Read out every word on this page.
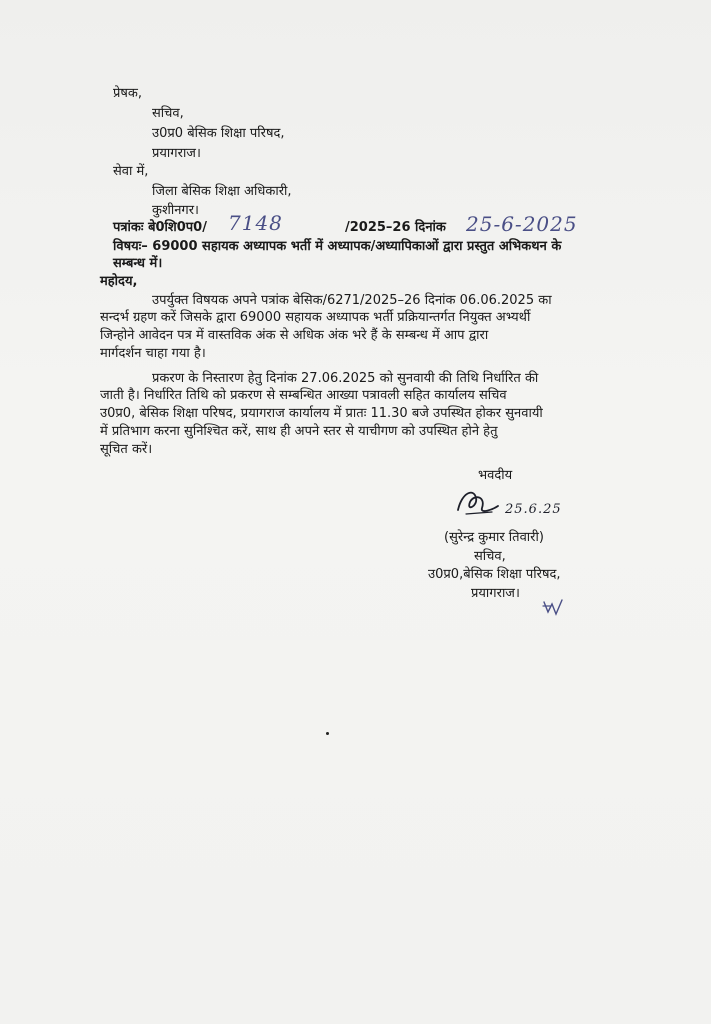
प्रेषक,
सचिव,
उ0प्र0 बेसिक शिक्षा परिषद,
प्रयागराज।
सेवा में,
जिला बेसिक शिक्षा अधिकारी,
कुशीनगर।
पत्रांकः बे0शि0प0/ 7148	/2025–26 दिनांक 25-6-2025
विषयः– 69000 सहायक अध्यापक भर्ती में अध्यापक/अध्यापिकाओं द्वारा प्रस्तुत अभिकथन के
सम्बन्ध में।
महोदय,
उपर्युक्त विषयक अपने पत्रांक बेसिक/6271/2025–26 दिनांक 06.06.2025 का
सन्दर्भ ग्रहण करें जिसके द्वारा 69000 सहायक अध्यापक भर्ती प्रक्रियान्तर्गत नियुक्त अभ्यर्थी
जिन्होने आवेदन पत्र में वास्तविक अंक से अधिक अंक भरे हैं के सम्बन्ध में आप द्वारा
मार्गदर्शन चाहा गया है।
प्रकरण के निस्तारण हेतु दिनांक 27.06.2025 को सुनवायी की तिथि निर्धारित की
जाती है। निर्धारित तिथि को प्रकरण से सम्बन्धित आख्या पत्रावली सहित कार्यालय सचिव
उ0प्र0, बेसिक शिक्षा परिषद, प्रयागराज कार्यालय में प्रातः 11.30 बजे उपस्थित होकर सुनवायी
में प्रतिभाग करना सुनिश्चित करें, साथ ही अपने स्तर से याचीगण को उपस्थित होने हेतु
सूचित करें।
भवदीय
25.6.25
(सुरेन्द्र कुमार तिवारी)
सचिव,
उ0प्र0,बेसिक शिक्षा परिषद,
प्रयागराज।
